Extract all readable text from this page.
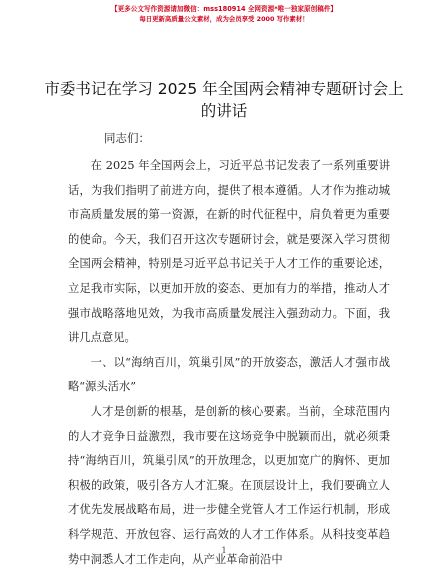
【更多公文写作资源请加微信：mss180914 全网资源*唯一独家原创稿件】
每日更新高质量公文素材，成为会员享受 2000 写作素材！
市委书记在学习 2025 年全国两会精神专题研讨会上的讲话
同志们：

在 2025 年全国两会上，习近平总书记发表了一系列重要讲话，为我们指明了前进方向，提供了根本遵循。人才作为推动城市高质量发展的第一资源，在新的时代征程中，肩负着更为重要的使命。今天，我们召开这次专题研讨会，就是要深入学习贯彻全国两会精神，特别是习近平总书记关于人才工作的重要论述，立足我市实际，以更加开放的姿态、更加有力的举措，推动人才强市战略落地见效，为我市高质量发展注入强劲动力。下面，我讲几点意见。

一、以“海纳百川，筑巢引凤”的开放姿态，激活人才强市战略“源头活水”

人才是创新的根基，是创新的核心要素。当前，全球范围内的人才竞争日益激烈，我市要在这场竞争中脱颖而出，就必须秉持“海纳百川，筑巢引凤”的开放理念，以更加宽广的胸怀、更加积极的政策，吸引各方人才汇聚。在顶层设计上，我们要确立人才优先发展战略布局，进一步健全党管人才工作运行机制，形成科学规范、开放包容、运行高效的人才工作体系。从科技变革趋势中洞悉人才工作走向，从产业革命前沿中

1
